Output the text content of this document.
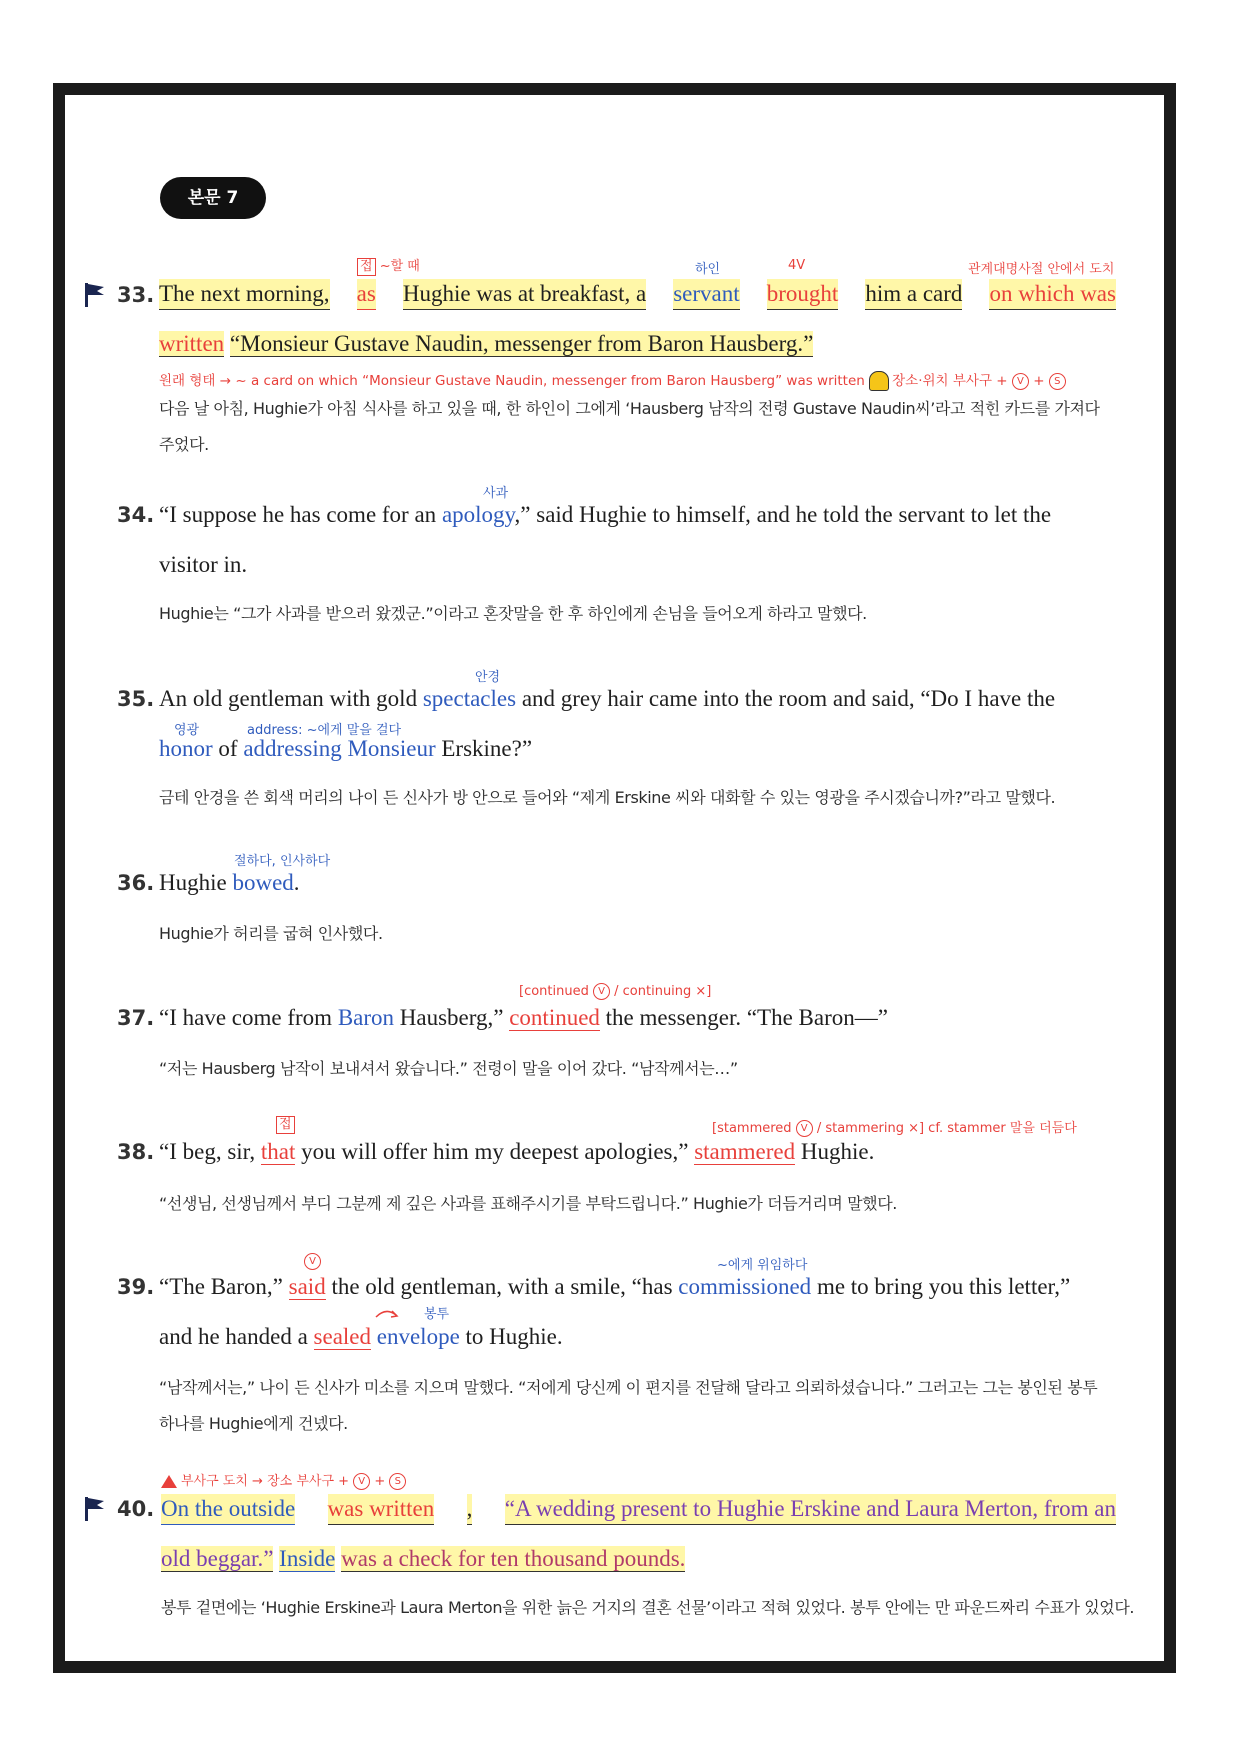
본문 7
33.
접 ~할 때	하인	4V	관계대명사절 안에서 도치
The next morning, as Hughie was at breakfast, a servant brought him a card on which was
written “Monsieur Gustave Naudin, messenger from Baron Hausberg.”
원래 형태 → ~ a card on which “Monsieur Gustave Naudin, messenger from Baron Hausberg” was written 장소·위치 부사구 + V + S
다음 날 아침, Hughie가 아침 식사를 하고 있을 때, 한 하인이 그에게 ‘Hausberg 남작의 전령 Gustave Naudin씨’라고 적힌 카드를 가져다
주었다.
34.
사과
“I suppose he has come for an apology,” said Hughie to himself, and he told the servant to let the
visitor in.
Hughie는 “그가 사과를 받으러 왔겠군.”이라고 혼잣말을 한 후 하인에게 손님을 들어오게 하라고 말했다.
35.
안경
An old gentleman with gold spectacles and grey hair came into the room and said, “Do I have the
영광	address: ~에게 말을 걸다
honor of addressing Monsieur Erskine?”
금테 안경을 쓴 회색 머리의 나이 든 신사가 방 안으로 들어와 “제게 Erskine 씨와 대화할 수 있는 영광을 주시겠습니까?”라고 말했다.
36.
절하다, 인사하다
Hughie bowed.
Hughie가 허리를 굽혀 인사했다.
37.
[continued V / continuing ×]
“I have come from Baron Hausberg,” continued the messenger. “The Baron—”
“저는 Hausberg 남작이 보내셔서 왔습니다.” 전령이 말을 이어 갔다. “남작께서는…”
38.
접	[stammered V / stammering ×] cf. stammer 말을 더듬다
“I beg, sir, that you will offer him my deepest apologies,” stammered Hughie.
“선생님, 선생님께서 부디 그분께 제 깊은 사과를 표해주시기를 부탁드립니다.” Hughie가 더듬거리며 말했다.
39.
V	~에게 위임하다
“The Baron,” said the old gentleman, with a smile, “has commissioned me to bring you this letter,”
봉투
and he handed a sealed envelope to Hughie.
“남작께서는,” 나이 든 신사가 미소를 지으며 말했다. “저에게 당신께 이 편지를 전달해 달라고 의뢰하셨습니다.” 그러고는 그는 봉인된 봉투
하나를 Hughie에게 건넸다.
40.
부사구 도치 → 장소 부사구 + V + S
On the outside was written , “A wedding present to Hughie Erskine and Laura Merton, from an
old beggar.” Inside was a check for ten thousand pounds.
봉투 겉면에는 ‘Hughie Erskine과 Laura Merton을 위한 늙은 거지의 결혼 선물’이라고 적혀 있었다. 봉투 안에는 만 파운드짜리 수표가 있었다.
